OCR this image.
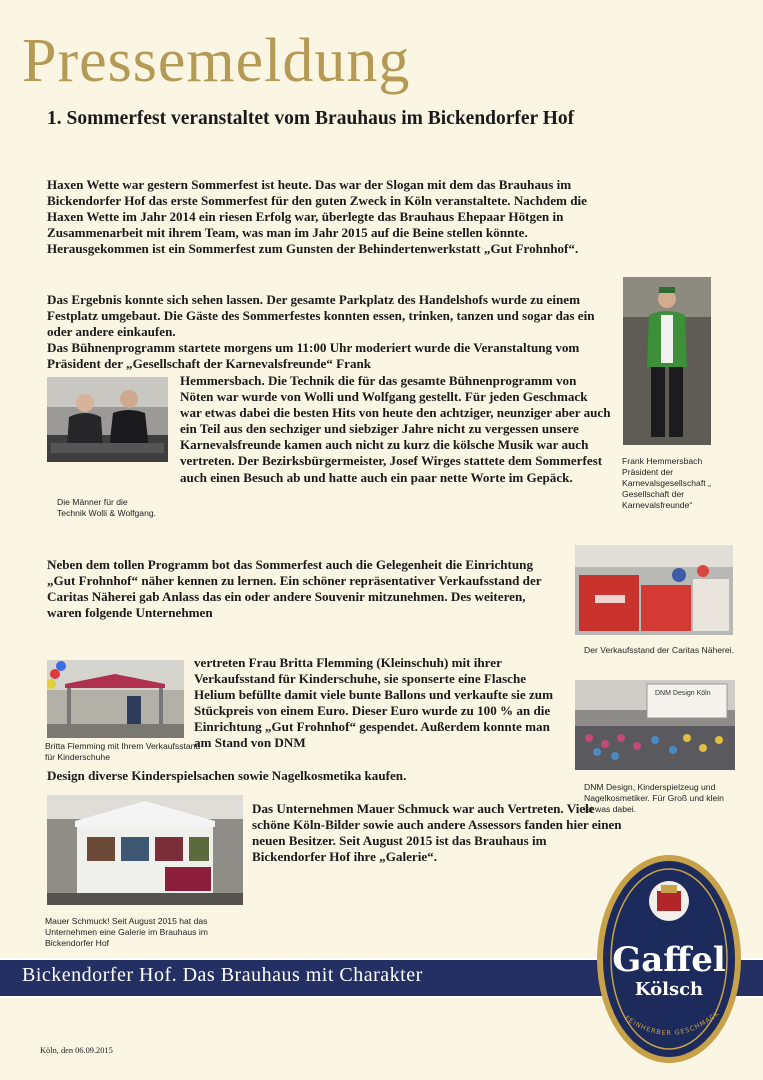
Pressemeldung
1. Sommerfest veranstaltet vom Brauhaus im Bickendorfer Hof

Haxen Wette war gestern Sommerfest ist heute. Das war der Slogan mit dem das Brauhaus im Bickendorfer Hof das erste Sommerfest für den guten Zweck in Köln veranstaltete. Nachdem die Haxen Wette im Jahr 2014 ein riesen Erfolg war, überlegte das Brauhaus Ehepaar Hötgen in Zusammenarbeit mit ihrem Team, was man im Jahr 2015 auf die Beine stellen könnte. Herausgekommen ist ein Sommerfest zum Gunsten der Behindertenwerkstatt „Gut Frohnhof“.

Das Ergebnis konnte sich sehen lassen. Der gesamte Parkplatz des Handelshofs wurde zu einem Festplatz umgebaut. Die Gäste des Sommerfestes konnten essen, trinken, tanzen und sogar das ein oder andere einkaufen.

Das Bühnenprogramm startete morgens um 11:00 Uhr moderiert wurde die Veranstaltung vom Präsident der „Gesellschaft der Karnevalsfreunde“ Frank

Hemmersbach. Die Technik die für das gesamte Bühnenprogramm von Nöten war wurde von Wolli und Wolfgang gestellt. Für jeden Geschmack war etwas dabei die besten Hits von heute den achtziger, neunziger aber auch ein Teil aus den sechziger und siebziger Jahre nicht zu vergessen unsere Karnevalsfreunde kamen auch nicht zu kurz die kölsche Musik war auch vertreten. Der Bezirksbürgermeister, Josef Wirges stattete dem Sommerfest auch einen Besuch ab und hatte auch ein paar nette Worte im Gepäck.

Die Männer für die Technik Wolli & Wolfgang.
Frank Hemmersbach Präsident der Karnevalsgesellschaft „ Gesellschaft der Karnevalsfreunde“

Neben dem tollen Programm bot das Sommerfest auch die Gelegenheit die Einrichtung „Gut Frohnhof“ näher kennen zu lernen. Ein schöner repräsentativer Verkaufsstand der Caritas Näherei gab Anlass das ein oder andere Souvenir mitzunehmen. Des weiteren, waren folgende Unternehmen

Der Verkaufsstand der Caritas Näherei.
Britta Flemming mit Ihrem Verkaufsstand für Kinderschuhe

vertreten Frau Britta Flemming (Kleinschuh) mit ihrer Verkaufsstand für Kinderschuhe, sie sponserte eine Flasche Helium befüllte damit viele bunte Ballons und verkaufte sie zum Stückpreis von einem Euro. Dieser Euro wurde zu 100 % an die Einrichtung „Gut Frohnhof“ gespendet. Außerdem konnte man am Stand von DNM

Design diverse Kinderspielsachen sowie Nagelkosmetika kaufen.

DNM Design Köln
DNM Design, Kinderspielzeug und Nagelkosmetiker. Für Groß und klein ist was dabei.
Mauer Schmuck! Seit August 2015 hat das Unternehmen eine Galerie im Brauhaus im Bickendorfer Hof

Das Unternehmen Mauer Schmuck war auch Vertreten. Viele schöne Köln-Bilder sowie auch andere Assessors fanden hier einen neuen Besitzer. Seit August 2015 ist das Brauhaus im Bickendorfer Hof ihre „Galerie“.

Bickendorfer Hof. Das Brauhaus mit Charakter	Gaffel
Kölsch
FEINHERBER GESCHMACK
Köln, den 06.09.2015
